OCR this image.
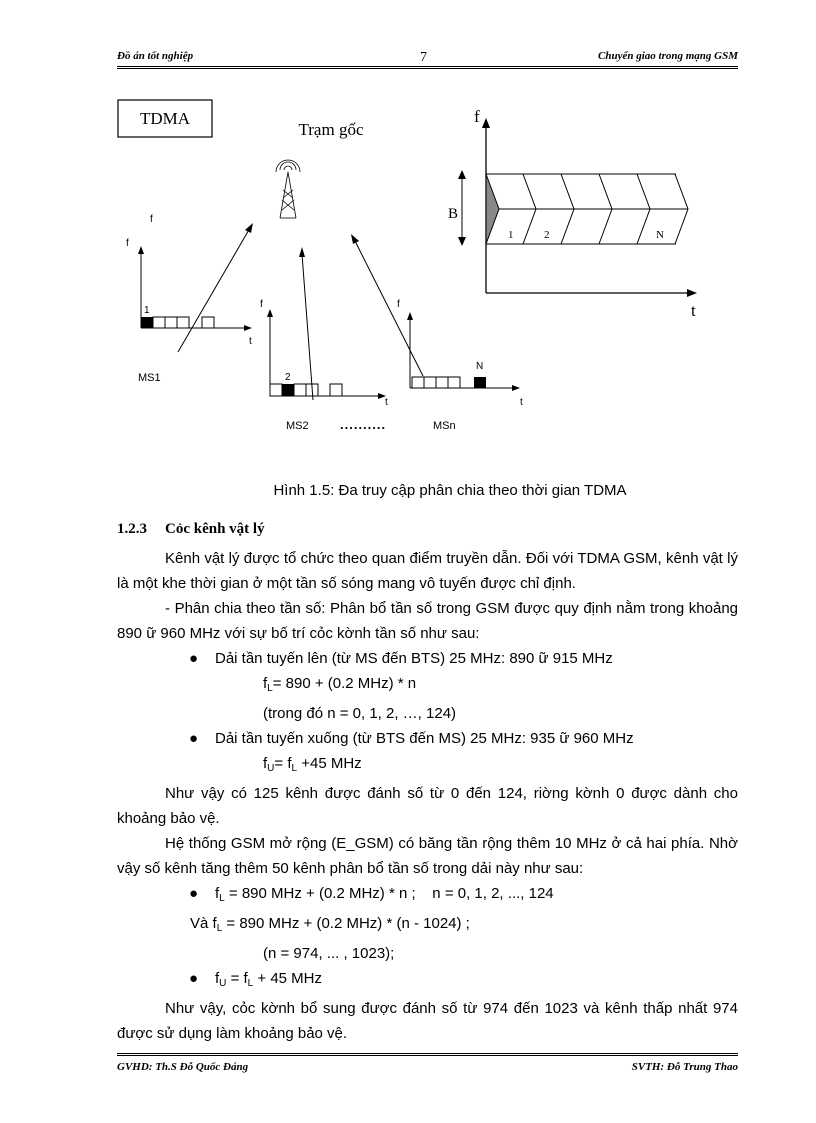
Đồ án tốt nghiệp	7	Chuyển giao trong mạng GSM
TDMA
Trạm gốc
f
t
B
1	2	N
f
f
t
1
MS1
f
t
2
MS2 ..........
f
t
N
MSn
Hình 1.5: Đa truy cập phân chia theo thời gian TDMA
1.2.3 Cỏc kênh vật lý

Kênh vật lý được tổ chức theo quan điểm truyền dẫn. Đối với TDMA GSM, kênh vật lý là một khe thời gian ở một tần số sóng mang vô tuyến được chỉ định.

- Phân chia theo tần số: Phân bổ tần số trong GSM được quy định nằm trong khoảng 890 ữ 960 MHz với sự bố trí cỏc kờnh tần số như sau:

● Dải tần tuyến lên (từ MS đến BTS) 25 MHz: 890 ữ 915 MHz

$f_L= 890 + (0.2$ MHz) * n

(trong đó n = 0, 1, 2, …, 124)

● Dải tần tuyến xuống (từ BTS đến MS) 25 MHz: 935 ữ 960 MHz

$f_U= f_L +45$ MHz

Như vậy có 125 kênh được đánh số từ 0 đến 124, riờng kờnh 0 được dành cho khoảng bảo vệ.

Hệ thống GSM mở rộng (E_GSM) có băng tần rộng thêm 10 MHz ở cả hai phía. Nhờ vậy số kênh tăng thêm 50 kênh phân bổ tần số trong dải này như sau:

● $f_L = 890$ MHz + (0.2 MHz) * n ;    n = 0, 1, 2, ..., 124

Và $f_L = 890$ MHz + (0.2 MHz) * (n - 1024) ;

(n = 974, ... , 1023);

● $f_U = f_L + 45$ MHz

Như vậy, cỏc kờnh bổ sung được đánh số từ 974 đến 1023 và kênh thấp nhất 974 được sử dụng làm khoảng bảo vệ.

GVHD: Th.S Đỗ Quốc Đáng	SVTH: Đỗ Trung Thao
